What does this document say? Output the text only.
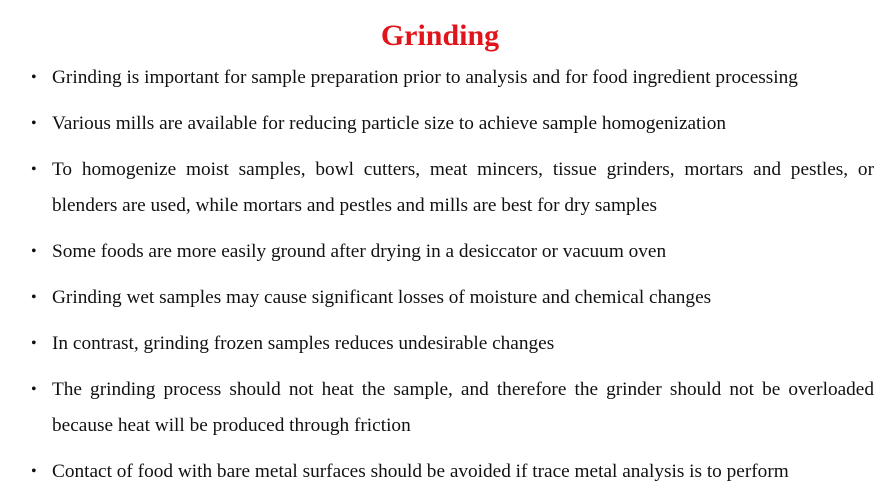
Grinding
• Grinding is important for sample preparation prior to analysis and for food ingredient processing
• Various mills are available for reducing particle size to achieve sample homogenization
• To homogenize moist samples, bowl cutters, meat mincers, tissue grinders, mortars and pestles, or blenders are used, while mortars and pestles and mills are best for dry samples
• Some foods are more easily ground after drying in a desiccator or vacuum oven
• Grinding wet samples may cause significant losses of moisture and chemical changes
• In contrast, grinding frozen samples reduces undesirable changes
• The grinding process should not heat the sample, and therefore the grinder should not be overloaded because heat will be produced through friction
• Contact of food with bare metal surfaces should be avoided if trace metal analysis is to perform
